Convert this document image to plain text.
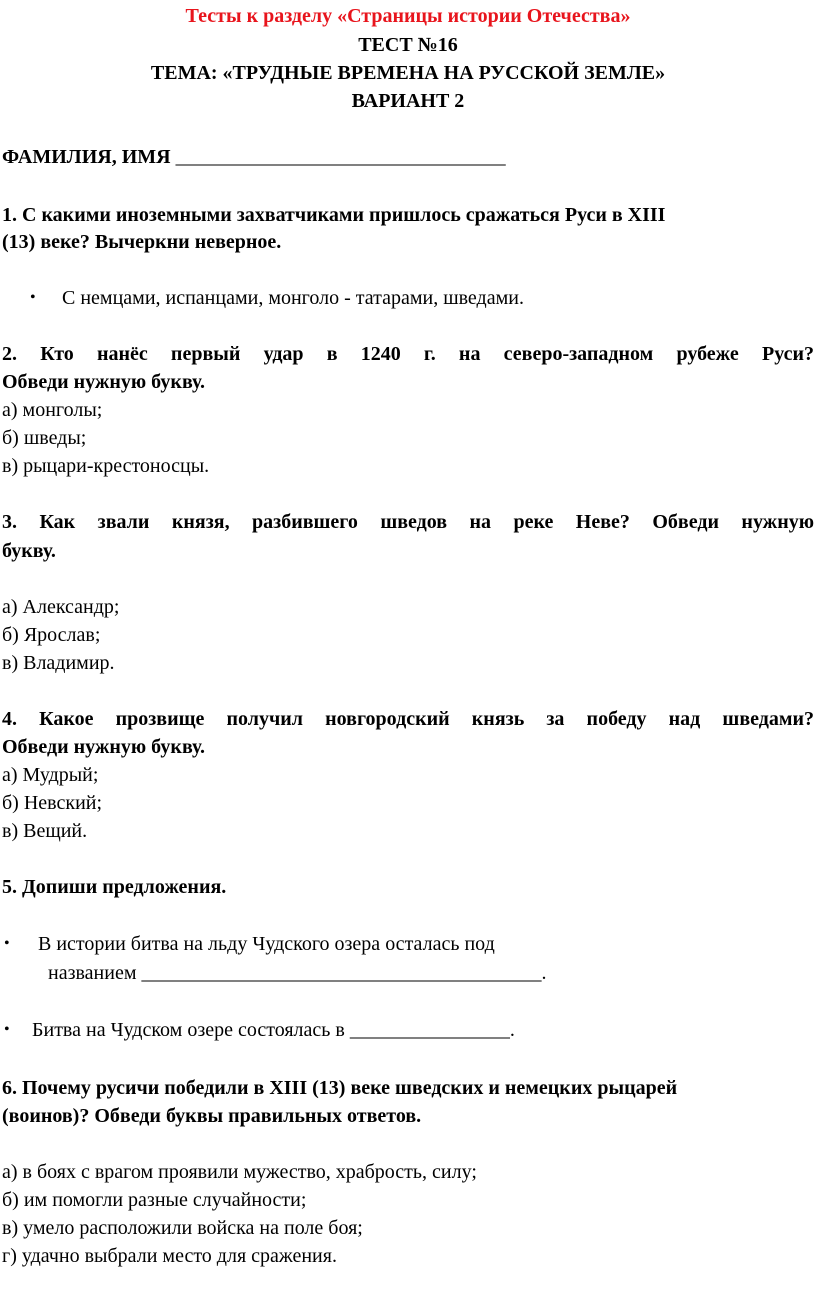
Тесты к разделу «Страницы истории Отечества»
ТЕСТ №16
ТЕМА: «ТРУДНЫЕ ВРЕМЕНА НА РУССКОЙ ЗЕМЛЕ»
ВАРИАНТ 2
ФАМИЛИЯ, ИМЯ _________________________________
1. С какими иноземными захватчиками пришлось сражаться Руси в XIII
(13) веке? Вычеркни неверное.
• С немцами, испанцами, монголо - татарами, шведами.
2. Кто нанёс первый удар в 1240 г. на северо-западном рубеже Руси?
Обведи нужную букву.
а) монголы;
б) шведы;
в) рыцари-крестоносцы.
3. Как звали князя, разбившего шведов на реке Неве? Обведи нужную
букву.
а) Александр;
б) Ярослав;
в) Владимир.
4. Какое прозвище получил новгородский князь за победу над шведами?
Обведи нужную букву.
а) Мудрый;
б) Невский;
в) Вещий.
5. Допиши предложения.
• В истории битва на льду Чудского озера осталась под
названием ________________________________________.
• Битва на Чудском озере состоялась в ________________.
6. Почему русичи победили в XIII (13) веке шведских и немецких рыцарей
(воинов)? Обведи буквы правильных ответов.
а) в боях с врагом проявили мужество, храбрость, силу;
б) им помогли разные случайности;
в) умело расположили войска на поле боя;
г) удачно выбрали место для сражения.
